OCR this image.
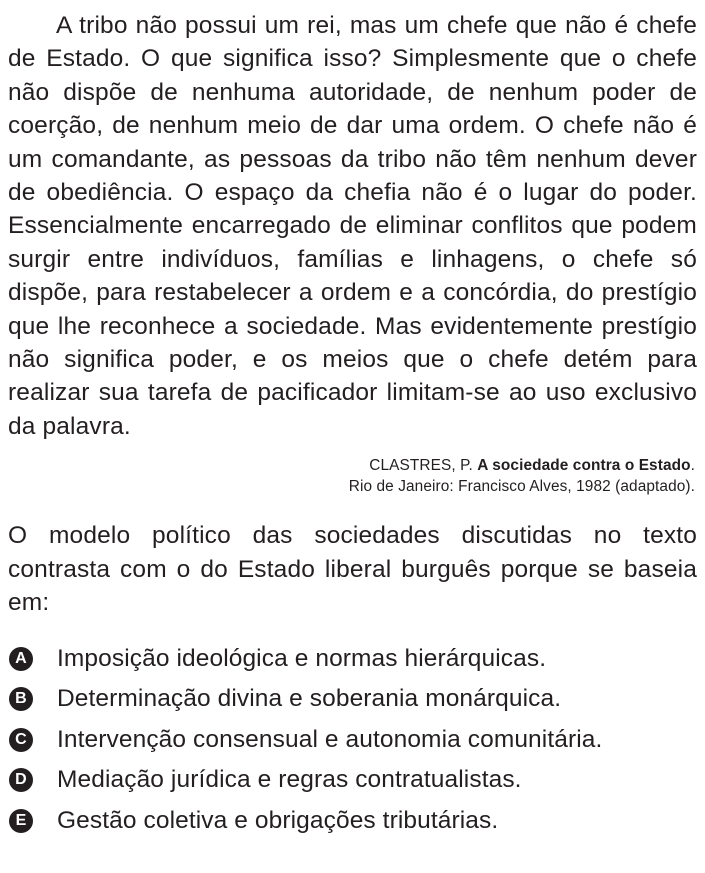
A tribo não possui um rei, mas um chefe que não é chefe de Estado. O que significa isso? Simplesmente que o chefe não dispõe de nenhuma autoridade, de nenhum poder de coerção, de nenhum meio de dar uma ordem. O chefe não é um comandante, as pessoas da tribo não têm nenhum dever de obediência. O espaço da chefia não é o lugar do poder. Essencialmente encarregado de eliminar conflitos que podem surgir entre indivíduos, famílias e linhagens, o chefe só dispõe, para restabelecer a ordem e a concórdia, do prestígio que lhe reconhece a sociedade. Mas evidentemente prestígio não significa poder, e os meios que o chefe detém para realizar sua tarefa de pacificador limitam-se ao uso exclusivo da palavra.

CLASTRES, P. A sociedade contra o Estado.
Rio de Janeiro: Francisco Alves, 1982 (adaptado).

O modelo político das sociedades discutidas no texto contrasta com o do Estado liberal burguês porque se baseia em:

A Imposição ideológica e normas hierárquicas.
B Determinação divina e soberania monárquica.
C Intervenção consensual e autonomia comunitária.
D Mediação jurídica e regras contratualistas.
E Gestão coletiva e obrigações tributárias.
